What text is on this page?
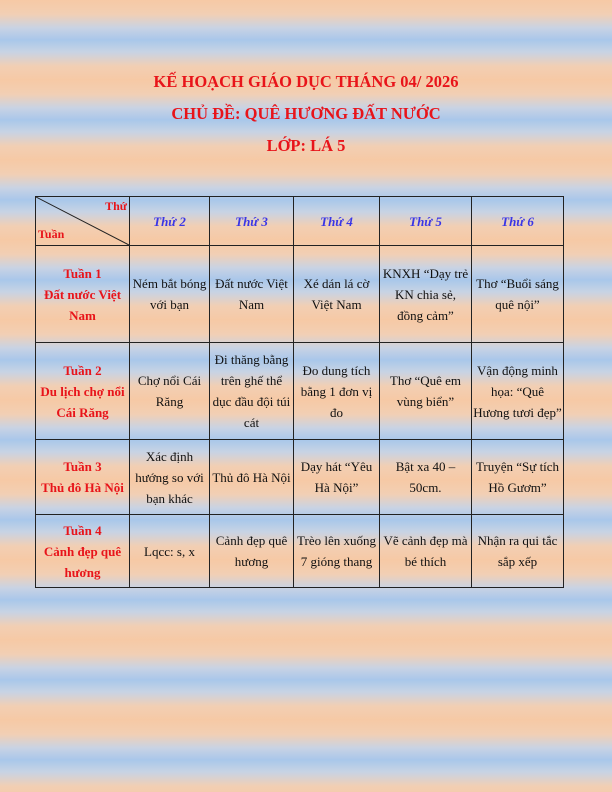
KẾ HOẠCH GIÁO DỤC THÁNG 04/ 2026
CHỦ ĐỀ: QUÊ HƯƠNG ĐẤT NƯỚC
LỚP: LÁ 5
Thứ
Tuần	Thứ 2	Thứ 3	Thứ 4	Thứ 5	Thứ 6

Tuần 1
Đất nước Việt Nam	Ném bắt bóng với bạn	Đất nước Việt Nam	Xé dán lá cờ Việt Nam	KNXH “Dạy trẻ KN chia sẻ, đồng cảm”	Thơ “Buổi sáng quê nội”

Tuần 2
Du lịch chợ nổi Cái Răng	Chợ nổi Cái Răng	Đi thăng bằng trên ghế thể dục đầu đội túi cát	Đo dung tích bằng 1 đơn vị đo	Thơ “Quê em vùng biển”	Vận động minh họa: “Quê Hương tươi đẹp”

Tuần 3
Thủ đô Hà Nội	Xác định hướng so với bạn khác	Thủ đô Hà Nội	Dạy hát “Yêu Hà Nội”	Bật xa 40 – 50cm.	Truyện “Sự tích Hồ Gươm”

Tuần 4
Cảnh đẹp quê hương	Lqcc: s, x	Cảnh đẹp quê hương	Trèo lên xuống 7 gióng thang	Vẽ cảnh đẹp mà bé thích	Nhận ra qui tắc sắp xếp
